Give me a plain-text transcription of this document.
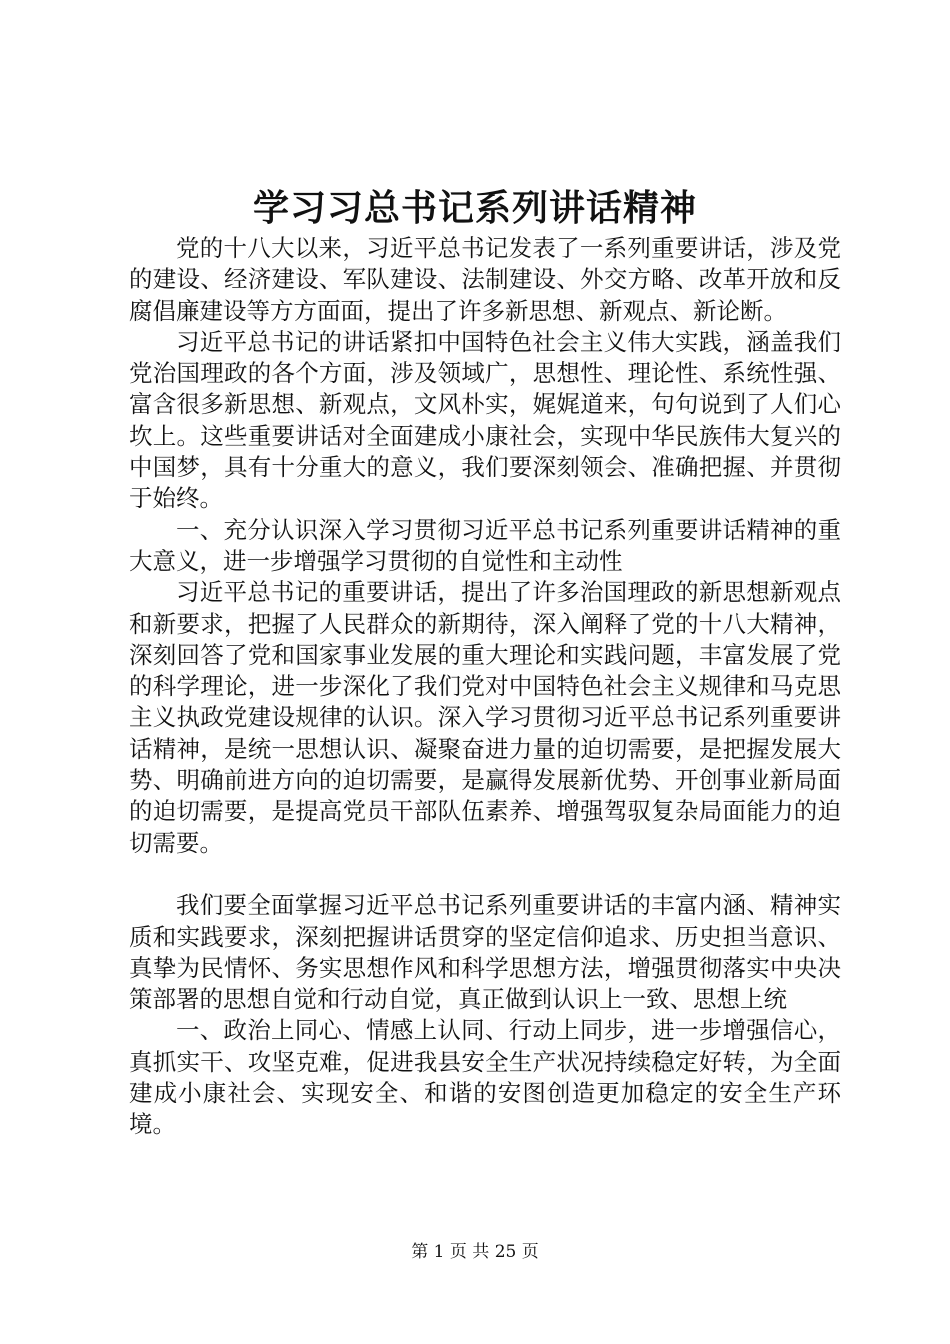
学习习总书记系列讲话精神

党的十八大以来，习近平总书记发表了一系列重要讲话，涉及党的建设、经济建设、军队建设、法制建设、外交方略、改革开放和反腐倡廉建设等方方面面，提出了许多新思想、新观点、新论断。

习近平总书记的讲话紧扣中国特色社会主义伟大实践，涵盖我们党治国理政的各个方面，涉及领域广，思想性、理论性、系统性强、富含很多新思想、新观点，文风朴实，娓娓道来，句句说到了人们心坎上。这些重要讲话对全面建成小康社会，实现中华民族伟大复兴的中国梦，具有十分重大的意义，我们要深刻领会、准确把握、并贯彻于始终。

一、充分认识深入学习贯彻习近平总书记系列重要讲话精神的重大意义，进一步增强学习贯彻的自觉性和主动性

习近平总书记的重要讲话，提出了许多治国理政的新思想新观点和新要求，把握了人民群众的新期待，深入阐释了党的十八大精神，深刻回答了党和国家事业发展的重大理论和实践问题，丰富发展了党的科学理论，进一步深化了我们党对中国特色社会主义规律和马克思主义执政党建设规律的认识。深入学习贯彻习近平总书记系列重要讲话精神，是统一思想认识、凝聚奋进力量的迫切需要，是把握发展大势、明确前进方向的迫切需要，是赢得发展新优势、开创事业新局面的迫切需要，是提高党员干部队伍素养、增强驾驭复杂局面能力的迫切需要。

我们要全面掌握习近平总书记系列重要讲话的丰富内涵、精神实质和实践要求，深刻把握讲话贯穿的坚定信仰追求、历史担当意识、真挚为民情怀、务实思想作风和科学思想方法，增强贯彻落实中央决策部署的思想自觉和行动自觉，真正做到认识上一致、思想上统

一、政治上同心、情感上认同、行动上同步，进一步增强信心，真抓实干、攻坚克难，促进我县安全生产状况持续稳定好转，为全面建成小康社会、实现安全、和谐的安图创造更加稳定的安全生产环境。

第 1 页 共 25 页
